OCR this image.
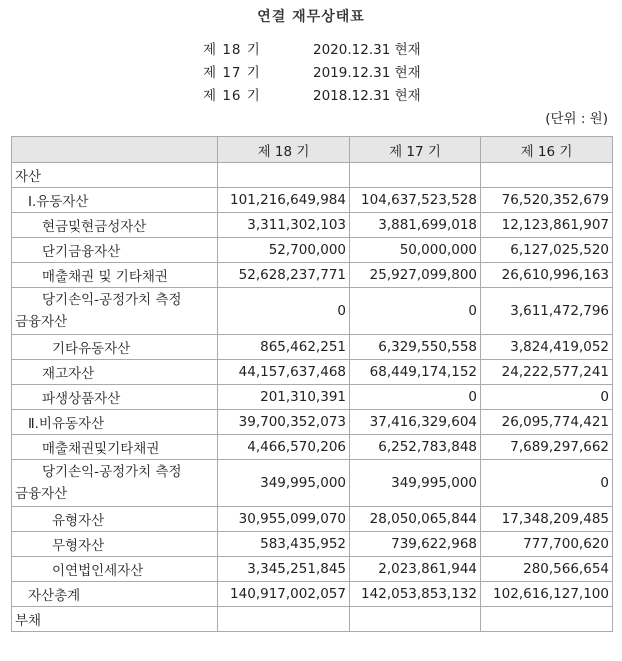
연결 재무상태표
제 18 기	2020.12.31 현재
제 17 기	2019.12.31 현재
제 16 기	2018.12.31 현재
(단위 : 원)
	제 18 기	제 17 기	제 16 기
자산			
Ⅰ.유동자산	101,216,649,984	104,637,523,528	76,520,352,679
현금및현금성자산	3,311,302,103	3,881,699,018	12,123,861,907
단기금융자산	52,700,000	50,000,000	6,127,025,520
매출채권 및 기타채권	52,628,237,771	25,927,099,800	26,610,996,163

당기손익-공정가치 측정
금융자산	0	0	3,611,472,796
기타유동자산	865,462,251	6,329,550,558	3,824,419,052
재고자산	44,157,637,468	68,449,174,152	24,222,577,241
파생상품자산	201,310,391	0	0
Ⅱ.비유동자산	39,700,352,073	37,416,329,604	26,095,774,421
매출채권및기타채권	4,466,570,206	6,252,783,848	7,689,297,662

당기손익-공정가치 측정
금융자산	349,995,000	349,995,000	0
유형자산	30,955,099,070	28,050,065,844	17,348,209,485
무형자산	583,435,952	739,622,968	777,700,620
이연법인세자산	3,345,251,845	2,023,861,944	280,566,654
자산총계	140,917,002,057	142,053,853,132	102,616,127,100
부채			
